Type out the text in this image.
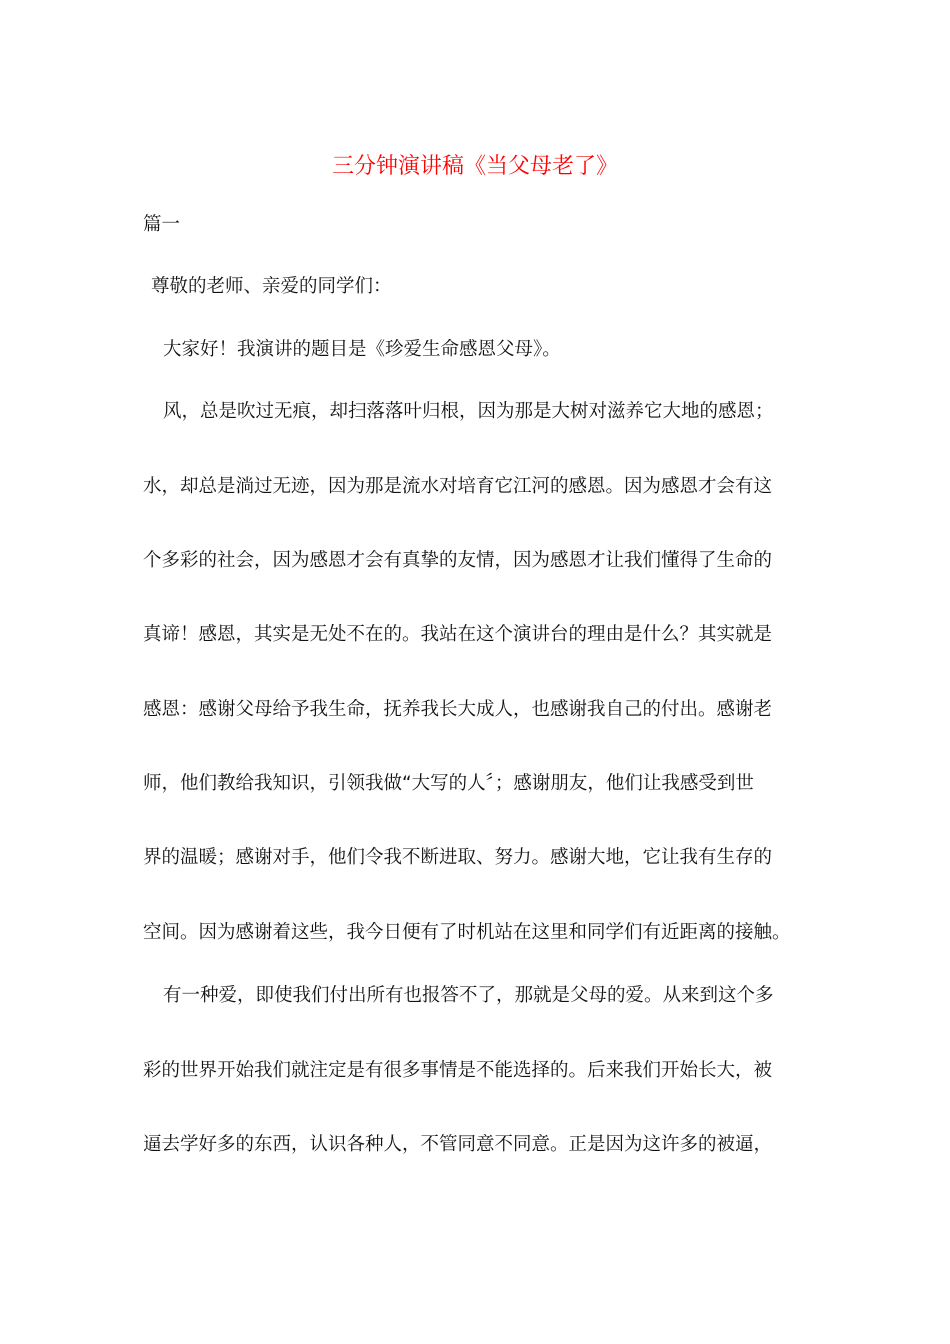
三分钟演讲稿《当父母老了》

篇一

尊敬的老师、亲爱的同学们：

大家好！我演讲的题目是《珍爱生命感恩父母》。

风，总是吹过无痕，却扫落落叶归根，因为那是大树对滋养它大地的感恩；

水，却总是淌过无迹，因为那是流水对培育它江河的感恩。因为感恩才会有这

个多彩的社会，因为感恩才会有真挚的友情，因为感恩才让我们懂得了生命的

真谛！感恩，其实是无处不在的。我站在这个演讲台的理由是什么？其实就是

感恩：感谢父母给予我生命，抚养我长大成人，也感谢我自己的付出。感谢老

师，他们教给我知识，引领我做“大写的人〞；感谢朋友，他们让我感受到世

界的温暖；感谢对手，他们令我不断进取、努力。感谢大地，它让我有生存的

空间。因为感谢着这些，我今日便有了时机站在这里和同学们有近距离的接触。

有一种爱，即使我们付出所有也报答不了，那就是父母的爱。从来到这个多

彩的世界开始我们就注定是有很多事情是不能选择的。后来我们开始长大，被

逼去学好多的东西，认识各种人，不管同意不同意。正是因为这许多的被逼，
